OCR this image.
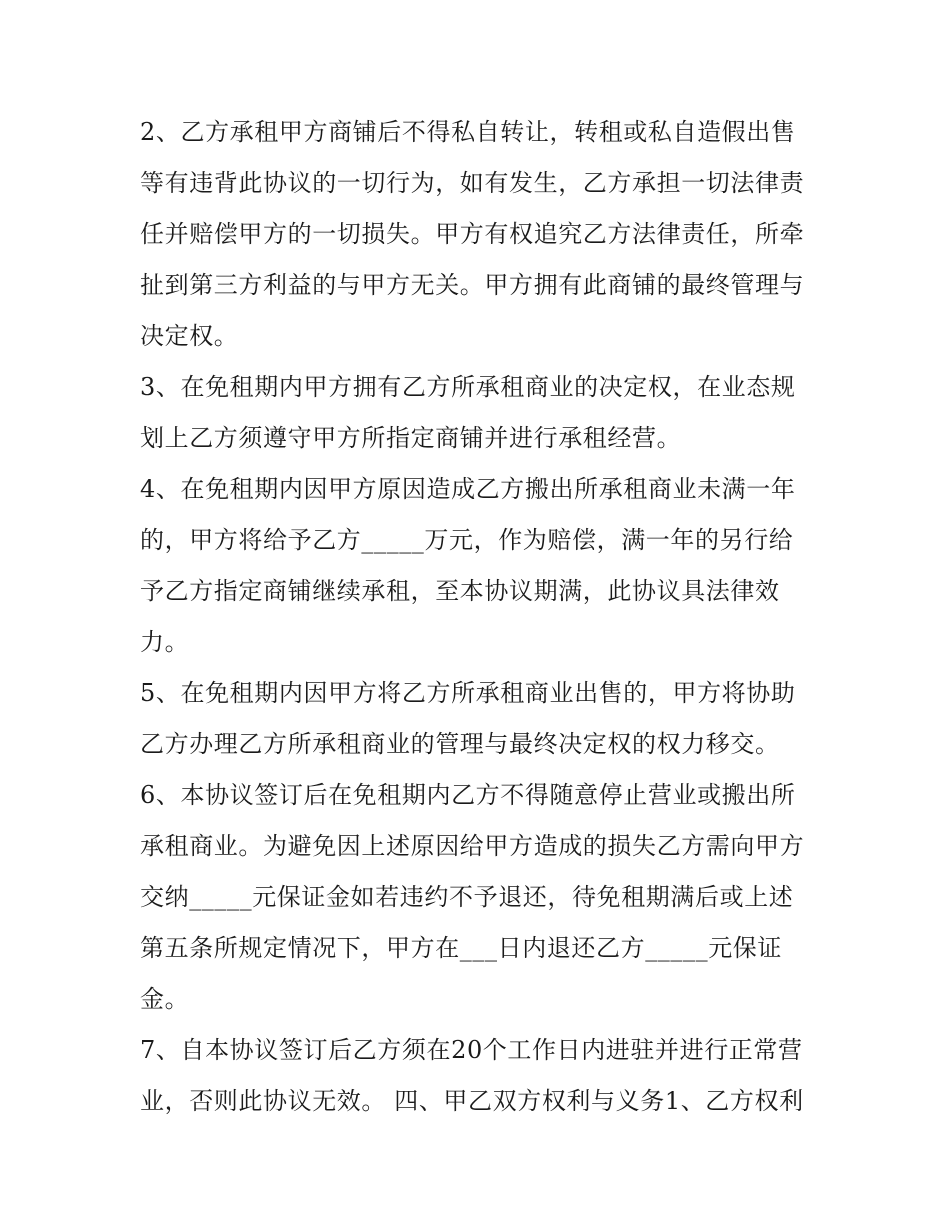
2、乙方承租甲方商铺后不得私自转让，转租或私自造假出售
等有违背此协议的一切行为，如有发生，乙方承担一切法律责
任并赔偿甲方的一切损失。甲方有权追究乙方法律责任，所牵
扯到第三方利益的与甲方无关。甲方拥有此商铺的最终管理与
决定权。
3、在免租期内甲方拥有乙方所承租商业的决定权，在业态规
划上乙方须遵守甲方所指定商铺并进行承租经营。
4、在免租期内因甲方原因造成乙方搬出所承租商业未满一年
的，甲方将给予乙方_____万元，作为赔偿，满一年的另行给
予乙方指定商铺继续承租，至本协议期满，此协议具法律效
力。
5、在免租期内因甲方将乙方所承租商业出售的，甲方将协助
乙方办理乙方所承租商业的管理与最终决定权的权力移交。
6、本协议签订后在免租期内乙方不得随意停止营业或搬出所
承租商业。为避免因上述原因给甲方造成的损失乙方需向甲方
交纳_____元保证金如若违约不予退还，待免租期满后或上述
第五条所规定情况下，甲方在___日内退还乙方_____元保证
金。
7、自本协议签订后乙方须在20个工作日内进驻并进行正常营
业，否则此协议无效。 四、甲乙双方权利与义务1、乙方权利
